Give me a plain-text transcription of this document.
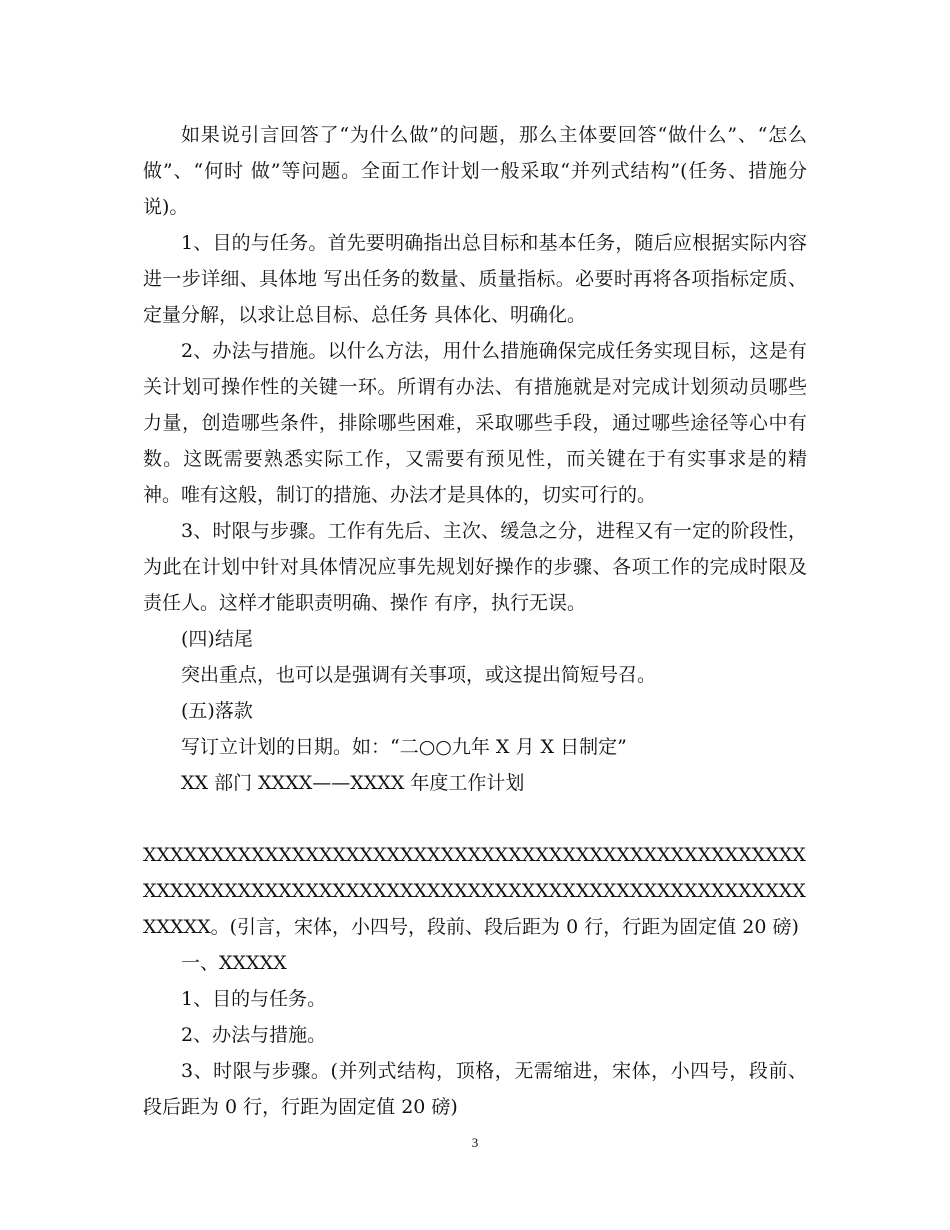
如果说引言回答了“为什么做”的问题，那么主体要回答“做什么”、“怎么做”、“何时 做”等问题。全面工作计划一般采取“并列式结构”(任务、措施分说)。

1、目的与任务。首先要明确指出总目标和基本任务，随后应根据实际内容进一步详细、具体地 写出任务的数量、质量指标。必要时再将各项指标定质、定量分解，以求让总目标、总任务 具体化、明确化。

2、办法与措施。以什么方法，用什么措施确保完成任务实现目标，这是有关计划可操作性的关键一环。所谓有办法、有措施就是对完成计划须动员哪些力量，创造哪些条件，排除哪些困难，采取哪些手段，通过哪些途径等心中有数。这既需要熟悉实际工作，又需要有预见性，而关键在于有实事求是的精神。唯有这般，制订的措施、办法才是具体的，切实可行的。

3、时限与步骤。工作有先后、主次、缓急之分，进程又有一定的阶段性，为此在计划中针对具体情况应事先规划好操作的步骤、各项工作的完成时限及责任人。这样才能职责明确、操作 有序，执行无误。

(四)结尾

突出重点，也可以是强调有关事项，或这提出简短号召。

(五)落款

写订立计划的日期。如：“二○○九年 X 月 X 日制定”

XX 部门 XXXX——XXXX 年度工作计划

XXXXXXXXXXXXXXXXXXXXXXXXXXXXXXXXXXXXXXXXXXXXXXXXXXXXXXXXXXXXXXXXXXXXXXXXXXXXXXXXXXXXXXXXXXXXXXXXXXXXXXX。(引言，宋体，小四号，段前、段后距为 0 行，行距为固定值 20 磅)

一、XXXXX

1、目的与任务。

2、办法与措施。

3、时限与步骤。(并列式结构，顶格，无需缩进，宋体，小四号，段前、段后距为 0 行，行距为固定值 20 磅)

3
